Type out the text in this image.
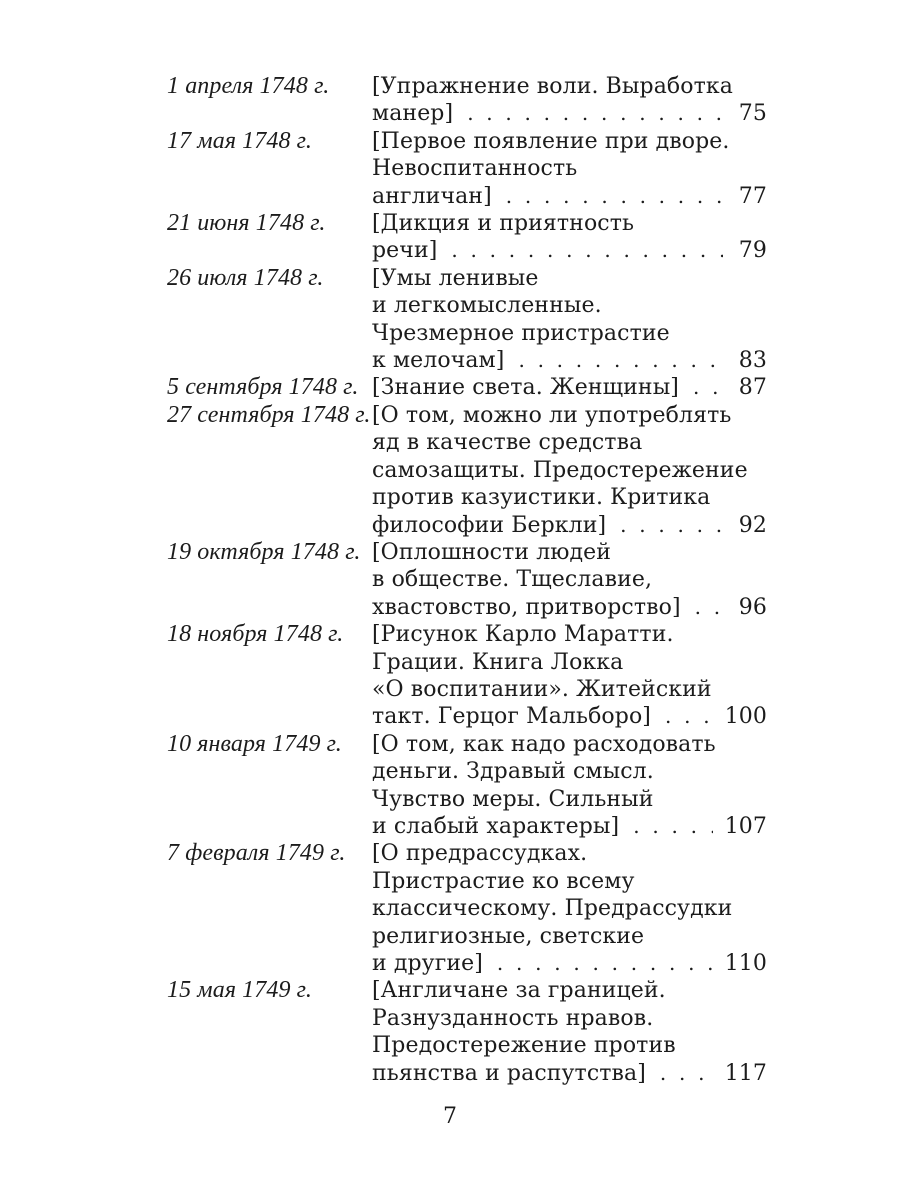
1 апреля 1748 г.	[Упражнение воли. Выработка
манер] . . .	75
17 мая 1748 г.	[Первое появление при дворе.
Невоспитанность
англичан] . . .	77
21 июня 1748 г.	[Дикция и приятность
речи] . . .	79
26 июля 1748 г.	[Умы ленивые
и легкомысленные.
Чрезмерное пристрастие
к мелочам] . . .	83
5 сентября 1748 г. [Знание света. Женщины] . . .	87
27 сентября 1748 г. [О том, можно ли употреблять
яд в качестве средства
самозащиты. Предостережение
против казуистики. Критика
философии Беркли] . . .	92
19 октября 1748 г. [Оплошности людей
в обществе. Тщеславие,
хвастовство, притворство] . . .	96
18 ноября 1748 г.	[Рисунок Карло Маратти.
Грации. Книга Локка
«О воспитании». Житейский
такт. Герцог Мальборо] . . .	100
10 января 1749 г.	[О том, как надо расходовать
деньги. Здравый смысл.
Чувство меры. Сильный
и слабый характеры] . . .	107
7 февраля 1749 г.	[О предрассудках.
Пристрастие ко всему
классическому. Предрассудки
религиозные, светские
и другие] . . .	110
15 мая 1749 г.	[Англичане за границей.
Разнузданность нравов.
Предостережение против
пьянства и распутства] . . .	117
7
